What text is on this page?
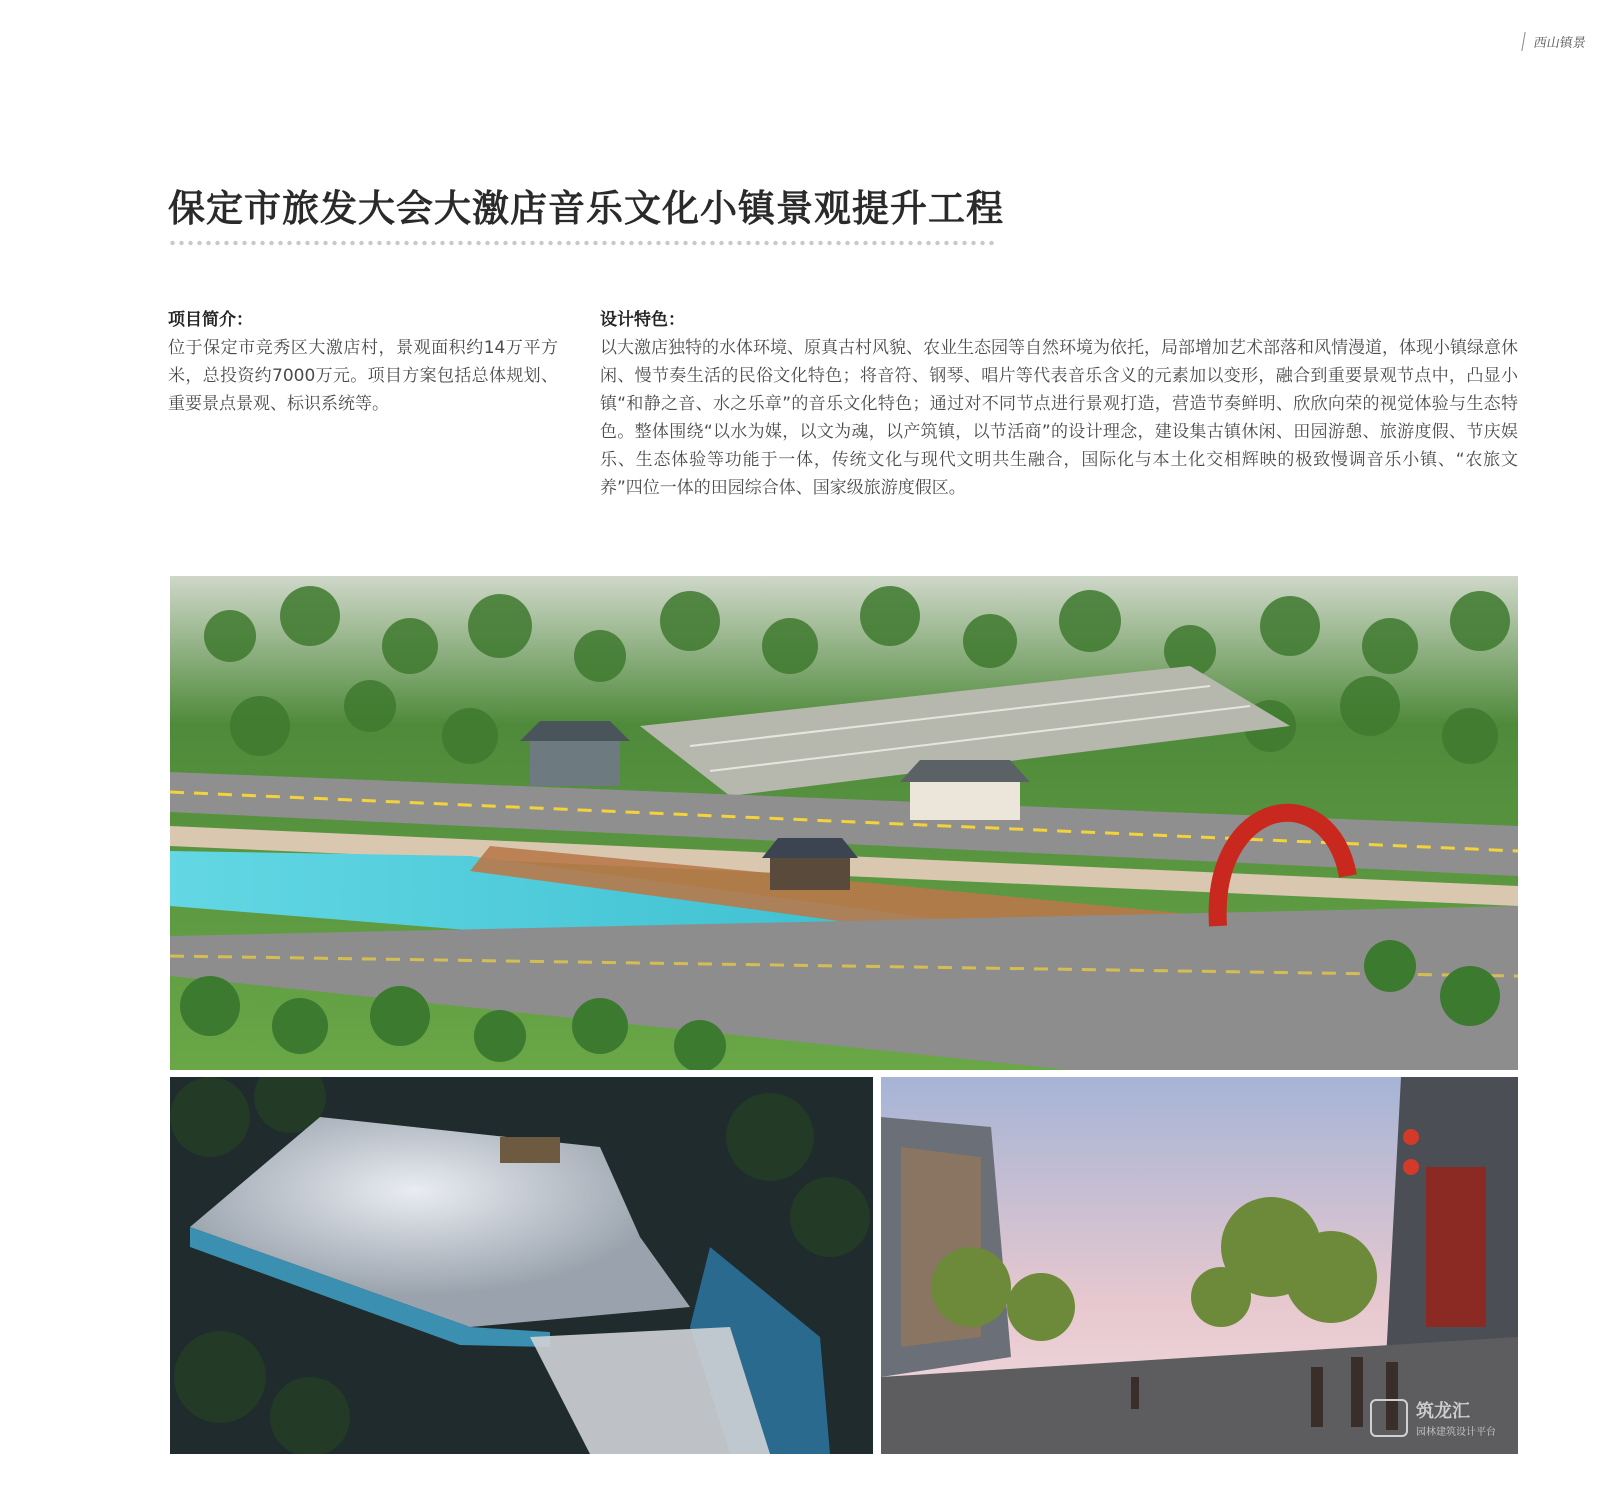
西山镇景
保定市旅发大会大激店音乐文化小镇景观提升工程

项目简介：

位于保定市竞秀区大激店村，景观面积约14万平方米，总投资约7000万元。项目方案包括总体规划、重要景点景观、标识系统等。

设计特色：

以大激店独特的水体环境、原真古村风貌、农业生态园等自然环境为依托，局部增加艺术部落和风情漫道，体现小镇绿意休闲、慢节奏生活的民俗文化特色；将音符、钢琴、唱片等代表音乐含义的元素加以变形，融合到重要景观节点中，凸显小镇“和静之音、水之乐章”的音乐文化特色；通过对不同节点进行景观打造，营造节奏鲜明、欣欣向荣的视觉体验与生态特色。整体围绕“以水为媒，以文为魂，以产筑镇，以节活商”的设计理念，建设集古镇休闲、田园游憩、旅游度假、节庆娱乐、生态体验等功能于一体，传统文化与现代文明共生融合，国际化与本土化交相辉映的极致慢调音乐小镇、“农旅文养”四位一体的田园综合体、国家级旅游度假区。

筑龙汇
园林建筑设计平台
